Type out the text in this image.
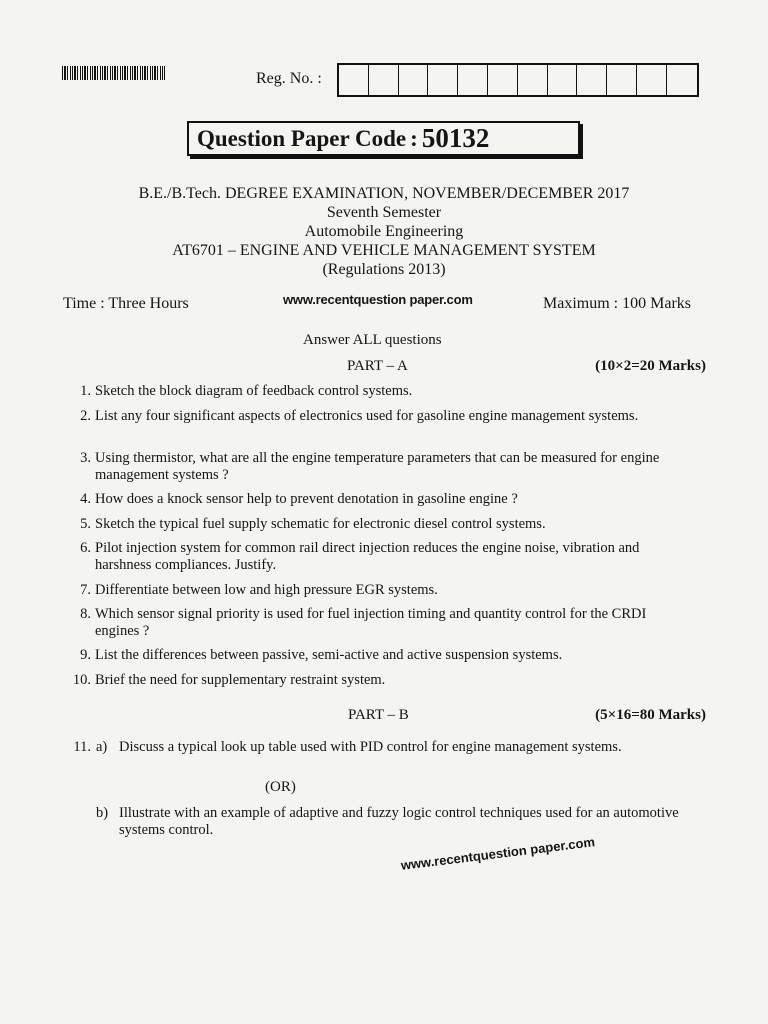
Reg. No. :
Question Paper Code : 50132
B.E./B.Tech. DEGREE EXAMINATION, NOVEMBER/DECEMBER 2017
Seventh Semester
Automobile Engineering
AT6701 – ENGINE AND VEHICLE MANAGEMENT SYSTEM
(Regulations 2013)
Time : Three Hours	www.recentquestion paper.com	Maximum : 100 Marks
Answer ALL questions
PART – A	(10×2=20 Marks)
1. Sketch the block diagram of feedback control systems.
2. List any four significant aspects of electronics used for gasoline engine management systems.
3. Using thermistor, what are all the engine temperature parameters that can be measured for engine management systems ?
4. How does a knock sensor help to prevent denotation in gasoline engine ?
5. Sketch the typical fuel supply schematic for electronic diesel control systems.
6. Pilot injection system for common rail direct injection reduces the engine noise, vibration and harshness compliances. Justify.
7. Differentiate between low and high pressure EGR systems.
8. Which sensor signal priority is used for fuel injection timing and quantity control for the CRDI engines ?
9. List the differences between passive, semi-active and active suspension systems.
10. Brief the need for supplementary restraint system.
PART – B	(5×16=80 Marks)
11. a) Discuss a typical look up table used with PID control for engine management systems.
(OR)
b) Illustrate with an example of adaptive and fuzzy logic control techniques used for an automotive systems control.
www.recentquestion paper.com
